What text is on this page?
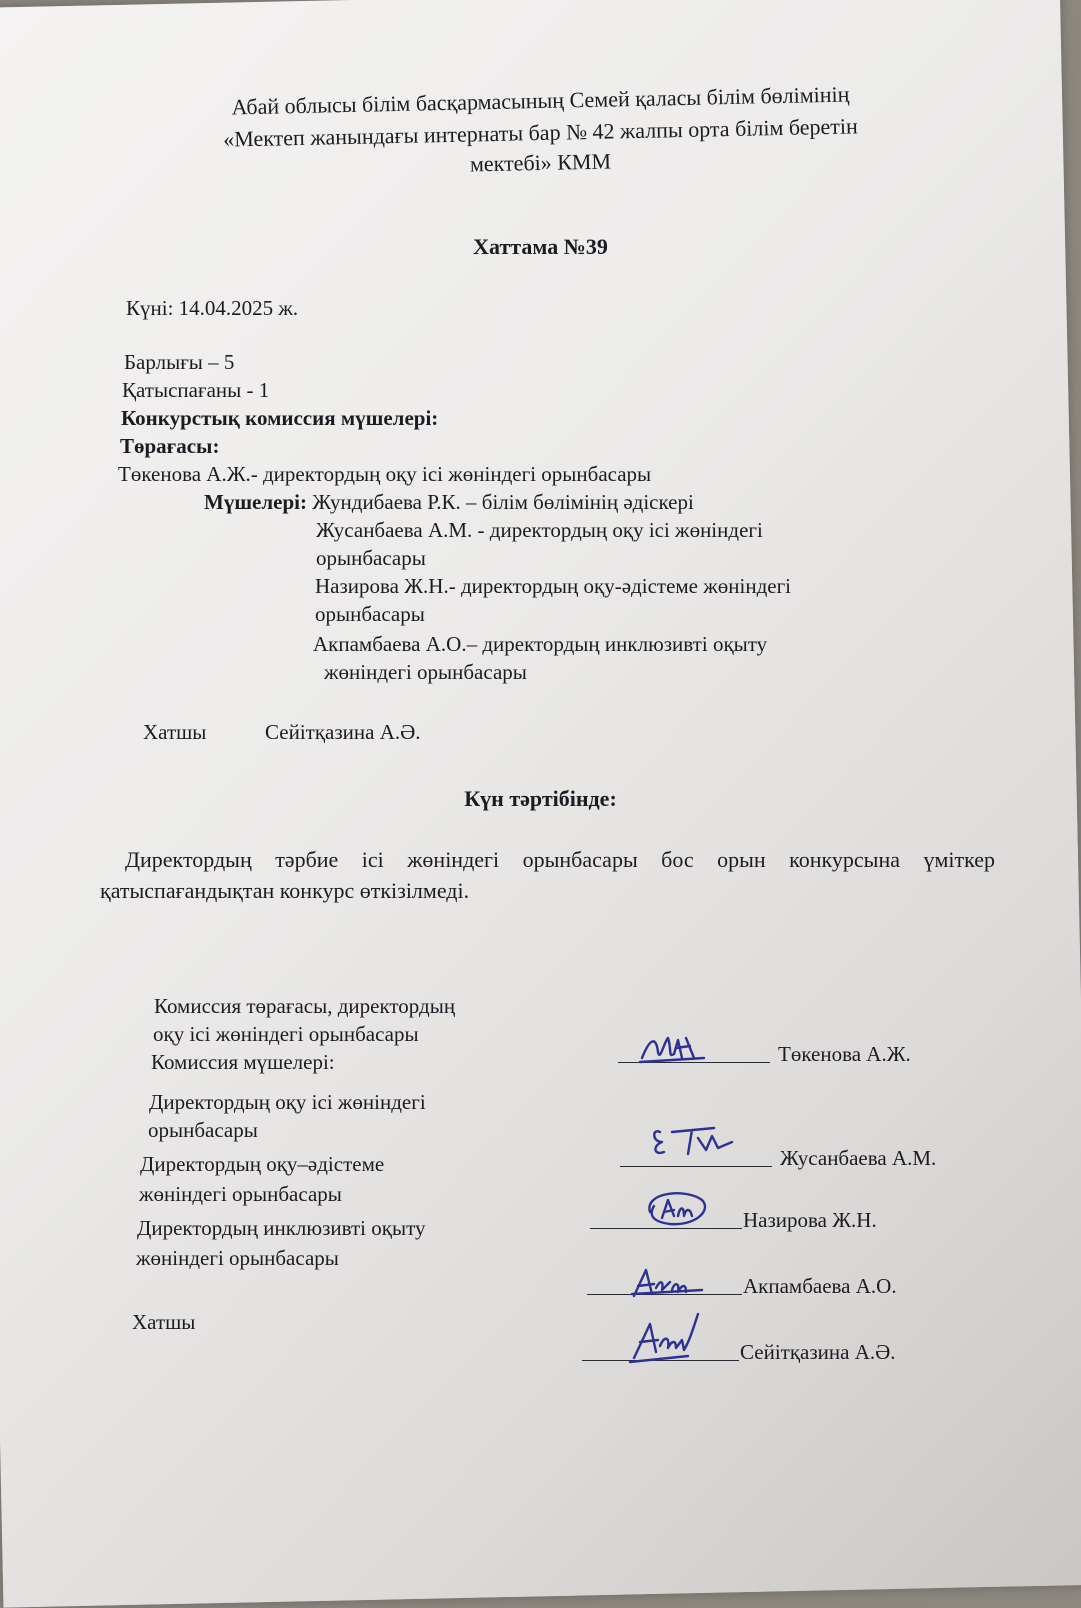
Абай облысы білім басқармасының Семей қаласы білім бөлімінің
«Мектеп жанындағы интернаты бар № 42 жалпы орта білім беретін
мектебі» КММ
Хаттама №39
Күні: 14.04.2025 ж.
Барлығы – 5
Қатыспағаны - 1
Конкурстық комиссия мүшелері:
Төрағасы:
Төкенова А.Ж.- директордың оқу ісі жөніндегі орынбасары
Мүшелері: Жундибаева Р.К. – білім бөлімінің әдіскері
Жусанбаева А.М. - директордың оқу ісі жөніндегі
орынбасары
Назирова Ж.Н.- директордың оқу-әдістеме жөніндегі
орынбасары
Акпамбаева А.О.– директордың инклюзивті оқыту
жөніндегі орынбасары
Хатшы	Сейітқазина А.Ә.
Күн тәртібінде:
Директордың тәрбие ісі жөніндегі орынбасары бос орын конкурсына үміткер қатыспағандықтан конкурс өткізілмеді.
Комиссия төрағасы, директордың
оқу ісі жөніндегі орынбасары
Төкенова А.Ж.
Комиссия мүшелері:
Директордың оқу ісі жөніндегі
орынбасары
Жусанбаева А.М.
Директордың оқу–әдістеме
жөніндегі орынбасары
Назирова Ж.Н.
Директордың инклюзивті оқыту
жөніндегі орынбасары
Акпамбаева А.О.
Хатшы
Сейітқазина А.Ә.
